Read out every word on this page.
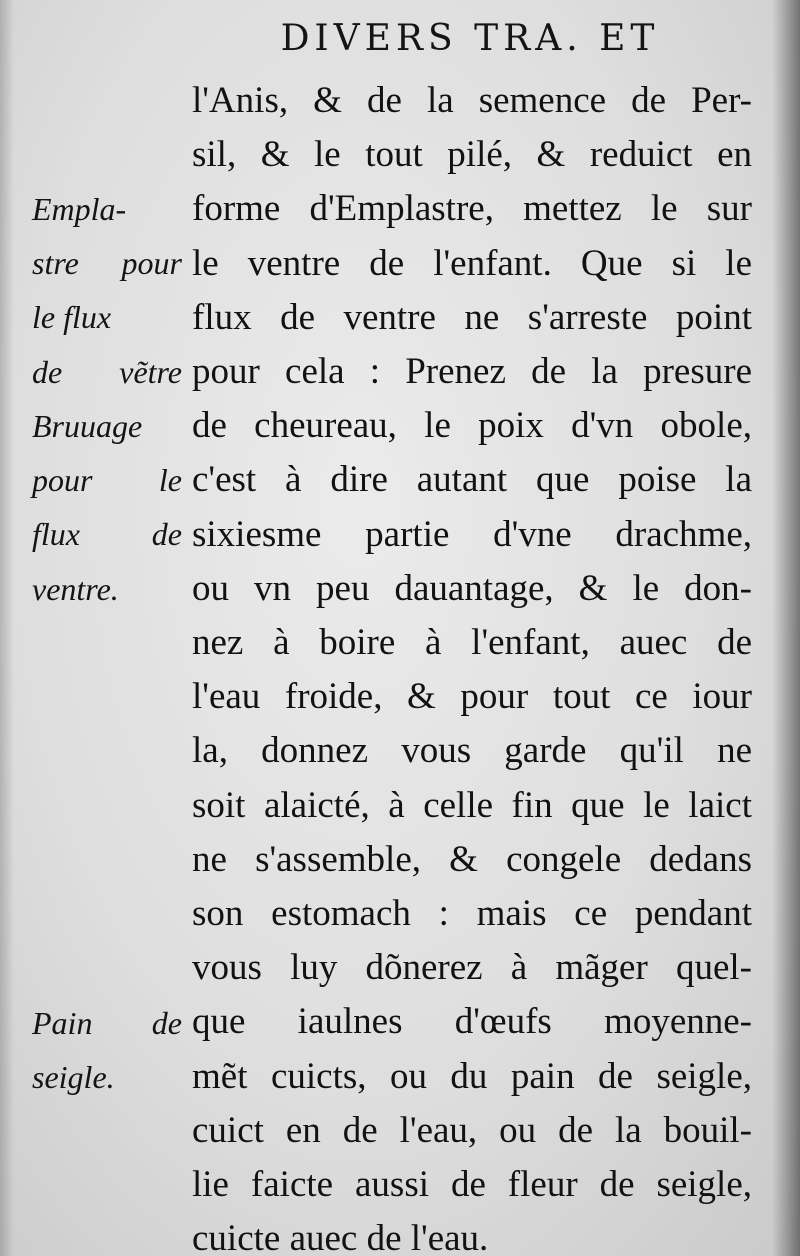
DIVERS TRA. ET
l'Anis, & de la semence de Per-
sil, & le tout pilé, & reduict en
forme d'Emplastre, mettez le sur
le ventre de l'enfant. Que si le
flux de ventre ne s'arreste point
pour cela : Prenez de la presure
de cheureau, le poix d'vn obole,
c'est à dire autant que poise la
sixiesme partie d'vne drachme,
ou vn peu dauantage, & le don-
nez à boire à l'enfant, auec de
l'eau froide, & pour tout ce iour
la, donnez vous garde qu'il ne
soit alaicté, à celle fin que le laict
ne s'assemble, & congele dedans
son estomach : mais ce pendant
vous luy dõnerez à mãger quel-
que iaulnes d'œufs moyenne-
mẽt cuicts, ou du pain de seigle,
cuict en de l'eau, ou de la bouil-
lie faicte aussi de fleur de seigle,
cuicte auec de l'eau.
Empla-
stre pour
le flux
de vẽtre
Bruuage
pour le
flux de
ventre.
Pain de
seigle.
